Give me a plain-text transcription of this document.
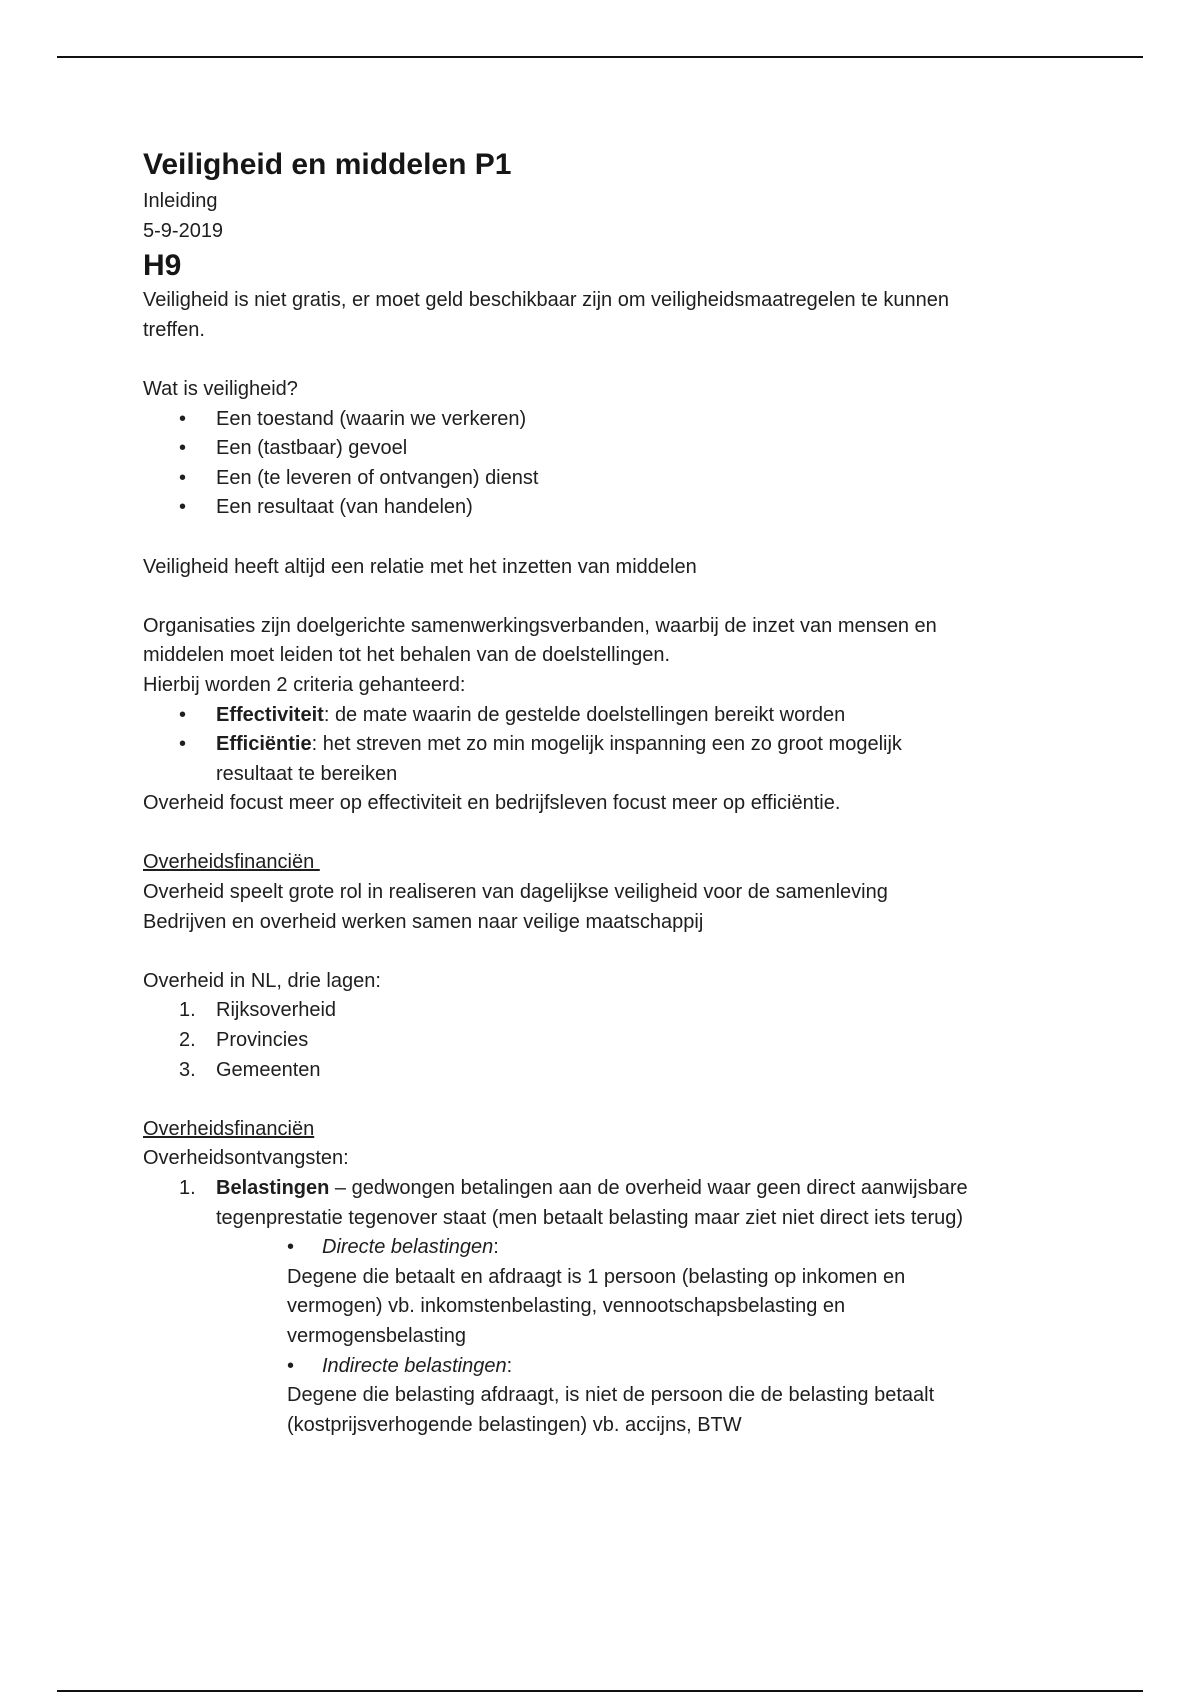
Veiligheid en middelen P1

Inleiding

5-9-2019

H9

Veiligheid is niet gratis, er moet geld beschikbaar zijn om veiligheidsmaatregelen te kunnen

treffen.

Wat is veiligheid?

•
Een toestand (waarin we verkeren)
•
Een (tastbaar) gevoel
•
Een (te leveren of ontvangen) dienst
•
Een resultaat (van handelen)

Veiligheid heeft altijd een relatie met het inzetten van middelen

Organisaties zijn doelgerichte samenwerkingsverbanden, waarbij de inzet van mensen en

middelen moet leiden tot het behalen van de doelstellingen.

Hierbij worden 2 criteria gehanteerd:

•
Effectiviteit: de mate waarin de gestelde doelstellingen bereikt worden
•
Efficiëntie: het streven met zo min mogelijk inspanning een zo groot mogelijk
resultaat te bereiken

Overheid focust meer op effectiviteit en bedrijfsleven focust meer op efficiëntie.

Overheidsfinanciën

Overheid speelt grote rol in realiseren van dagelijkse veiligheid voor de samenleving

Bedrijven en overheid werken samen naar veilige maatschappij

Overheid in NL, drie lagen:

1.	Rijksoverheid
2.	Provincies
3.	Gemeenten

Overheidsfinanciën

Overheidsontvangsten:

1.	Belastingen – gedwongen betalingen aan de overheid waar geen direct aanwijsbare
tegenprestatie tegenover staat (men betaalt belasting maar ziet niet direct iets terug)
•
Directe belastingen:

Degene die betaalt en afdraagt is 1 persoon (belasting op inkomen en

vermogen) vb. inkomstenbelasting, vennootschapsbelasting en

vermogensbelasting

•
Indirecte belastingen:

Degene die belasting afdraagt, is niet de persoon die de belasting betaalt

(kostprijsverhogende belastingen) vb. accijns, BTW
